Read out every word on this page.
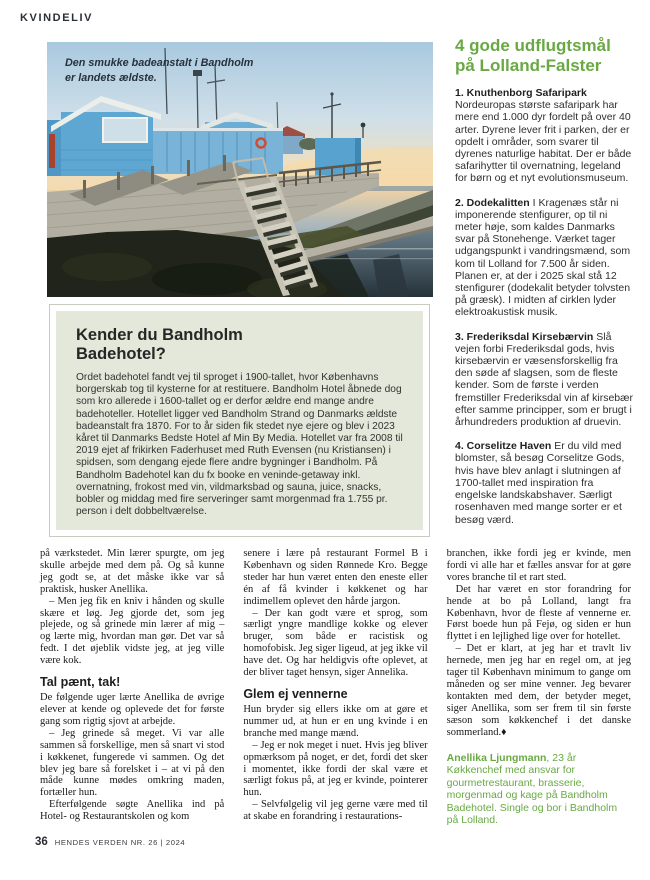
KVINDELIV
Den smukke badeanstalt i Bandholm
er landets ældste.
4 gode udflugtsmål
på Lolland-Falster

1. Knuthenborg Safaripark Nordeuropas største safaripark har mere end 1.000 dyr fordelt på over 40 arter. Dyrene lever frit i parken, der er opdelt i områder, som svarer til dyrenes naturlige habitat. Der er både safarihytter til overnatning, legeland for børn og et nyt evolutionsmuseum.

2. Dodekalitten I Kragenæs står ni imponerende stenfigurer, op til ni meter høje, som kaldes Danmarks svar på Stonehenge. Værket tager udgangspunkt i vandringsmænd, som kom til Lolland for 7.500 år siden. Planen er, at der i 2025 skal stå 12 stenfigurer (dodekalit betyder tolvsten på græsk). I midten af cirklen lyder elektroakustisk musik.

3. Frederiksdal Kirsebærvin Slå vejen forbi Frederiksdal gods, hvis kirsebærvin er væsensforskellig fra den søde af slagsen, som de fleste kender. Som de første i verden fremstiller Frederiksdal vin af kirsebær efter samme principper, som er brugt i århundreders produktion af druevin.

4. Corselitze Haven Er du vild med blomster, så besøg Corselitze Gods, hvis have blev anlagt i slutningen af 1700-tallet med inspiration fra engelske landskabshaver. Særligt rosenhaven med mange sorter er et besøg værd.

Kender du Bandholm
Badehotel?

Ordet badehotel fandt vej til sproget i 1900-tallet, hvor Københavns borgerskab tog til kysterne for at restituere. Bandholm Hotel åbnede dog som kro allerede i 1600-tallet og er derfor ældre end mange andre badehoteller. Hotellet ligger ved Bandholm Strand og Danmarks ældste badeanstalt fra 1870. For to år siden fik stedet nye ejere og blev i 2023 kåret til Danmarks Bedste Hotel af Min By Media. Hotellet var fra 2008 til 2019 ejet af frikirken Faderhuset med Ruth Evensen (nu Kristiansen) i spidsen, som dengang ejede flere andre bygninger i Bandholm. På Bandholm Badehotel kan du fx booke en veninde-getaway inkl. overnatning, frokost med vin, vildmarksbad og sauna, juice, snacks, bobler og middag med fire serveringer samt morgenmad fra 1.755 pr. person i delt dobbeltværelse.

på værkstedet. Min lærer spurgte, om jeg skulle arbejde med dem på. Og så kunne jeg godt se, at det måske ikke var så praktisk, husker Anellika.

– Men jeg fik en kniv i hånden og skulle skære et løg. Jeg gjorde det, som jeg plejede, og så grinede min lærer af mig – og lærte mig, hvordan man gør. Det var så fedt. I det øjeblik vidste jeg, at jeg ville være kok.

Tal pænt, tak!

De følgende uger lærte Anellika de øvrige elever at kende og oplevede det for første gang som rigtig sjovt at arbejde.

– Jeg grinede så meget. Vi var alle sammen så forskellige, men så snart vi stod i køkkenet, fungerede vi sammen. Og det blev jeg bare så forelsket i – at vi på den måde kunne mødes omkring maden, fortæller hun.

Efterfølgende søgte Anellika ind på Hotel- og Restaurantskolen og kom

senere i lære på restaurant Formel B i København og siden Rønnede Kro. Begge steder har hun været enten den eneste eller én af få kvinder i køkkenet og har indimellem oplevet den hårde jargon.

– Der kan godt være et sprog, som særligt yngre mandlige kokke og elever bruger, som både er racistisk og homofobisk. Jeg siger ligeud, at jeg ikke vil have det. Og har heldigvis ofte oplevet, at der bliver taget hensyn, siger Annelika.

Glem ej vennerne

Hun bryder sig ellers ikke om at gøre et nummer ud, at hun er en ung kvinde i en branche med mange mænd.

– Jeg er nok meget i nuet. Hvis jeg bliver opmærksom på noget, er det, fordi det sker i momentet, ikke fordi der skal være et særligt fokus på, at jeg er kvinde, pointerer hun.

– Selvfølgelig vil jeg gerne være med til at skabe en forandring i restaurations-

branchen, ikke fordi jeg er kvinde, men fordi vi alle har et fælles ansvar for at gøre vores branche til et rart sted.

Det har været en stor forandring for hende at bo på Lolland, langt fra København, hvor de fleste af vennerne er. Først boede hun på Fejø, og siden er hun flyttet i en lejlighed lige over for hotellet.

– Det er klart, at jeg har et travlt liv hernede, men jeg har en regel om, at jeg tager til København minimum to gange om måneden og ser mine venner. Jeg bevarer kontakten med dem, der betyder meget, siger Anellika, som ser frem til sin første sæson som køkkenchef i det danske sommerland.♦

Anellika Ljungmann, 23 år
Køkkenchef med ansvar for gourmetrestaurant, brasserie, morgenmad og kage på Bandholm Badehotel. Single og bor i Bandholm på Lolland.
36 HENDES VERDEN NR. 26 | 2024
